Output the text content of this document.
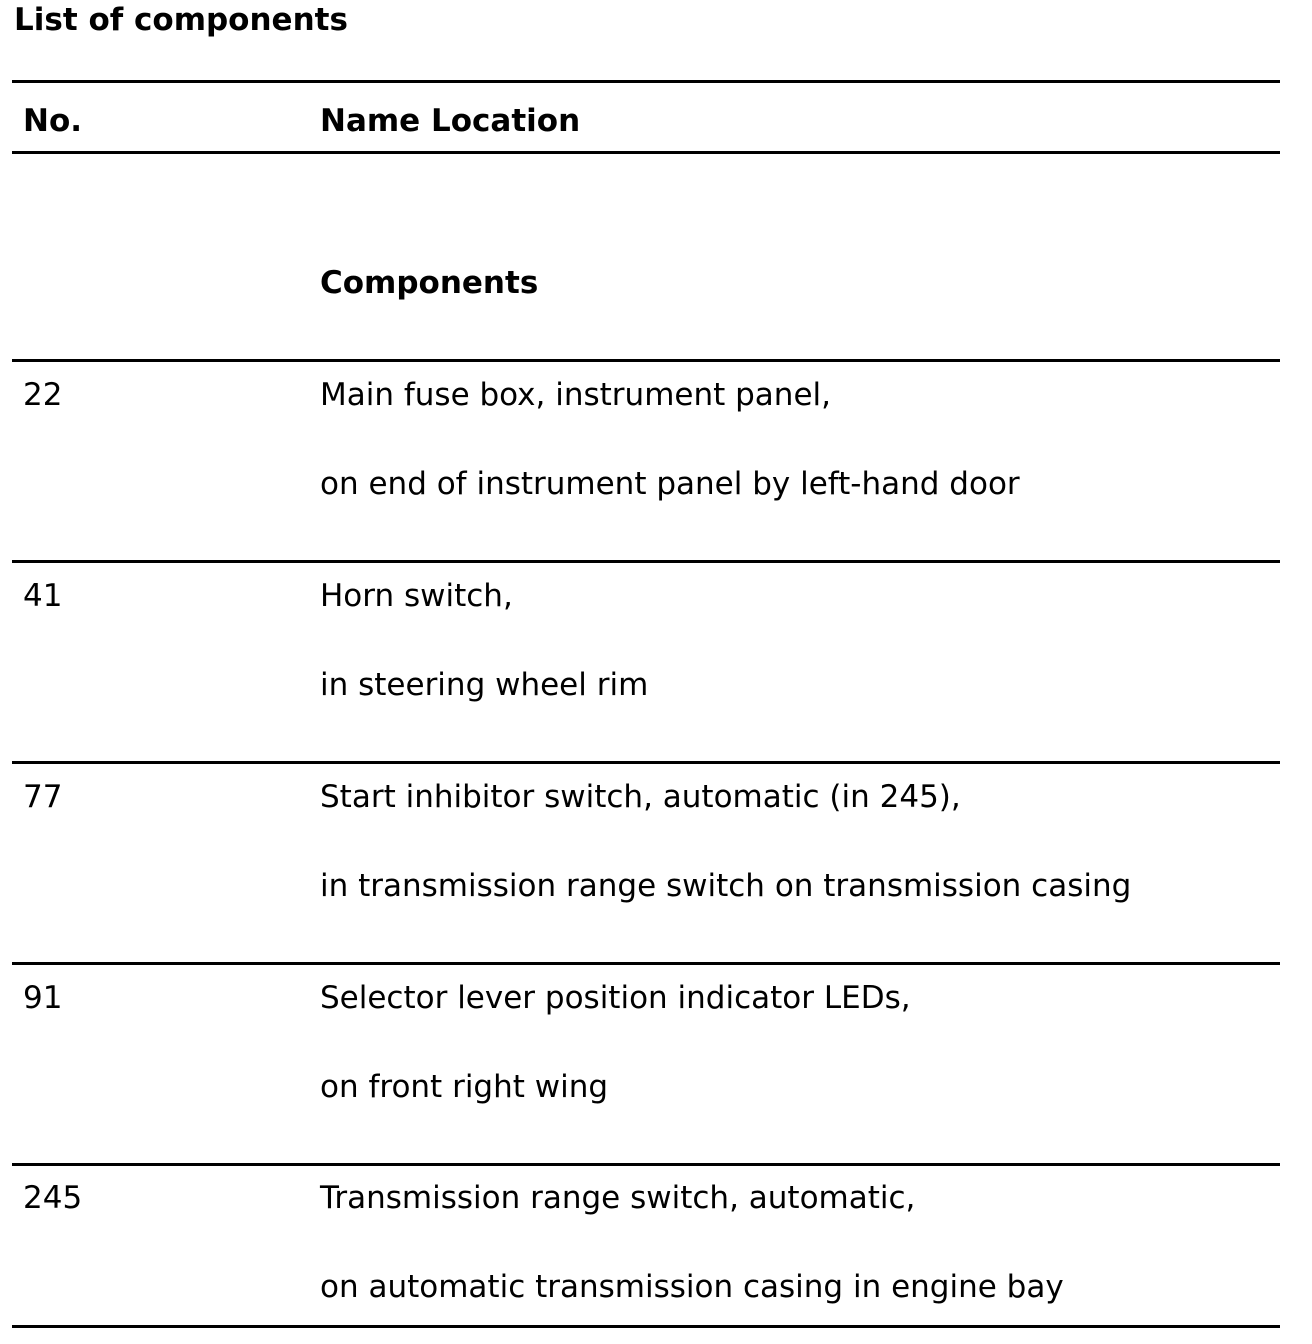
List of components
No.	Name Location
Components
22	Main fuse box, instrument panel,
on end of instrument panel by left-hand door
41	Horn switch,
in steering wheel rim
77	Start inhibitor switch, automatic (in 245),
in transmission range switch on transmission casing
91	Selector lever position indicator LEDs,
on front right wing
245	Transmission range switch, automatic,
on automatic transmission casing in engine bay
